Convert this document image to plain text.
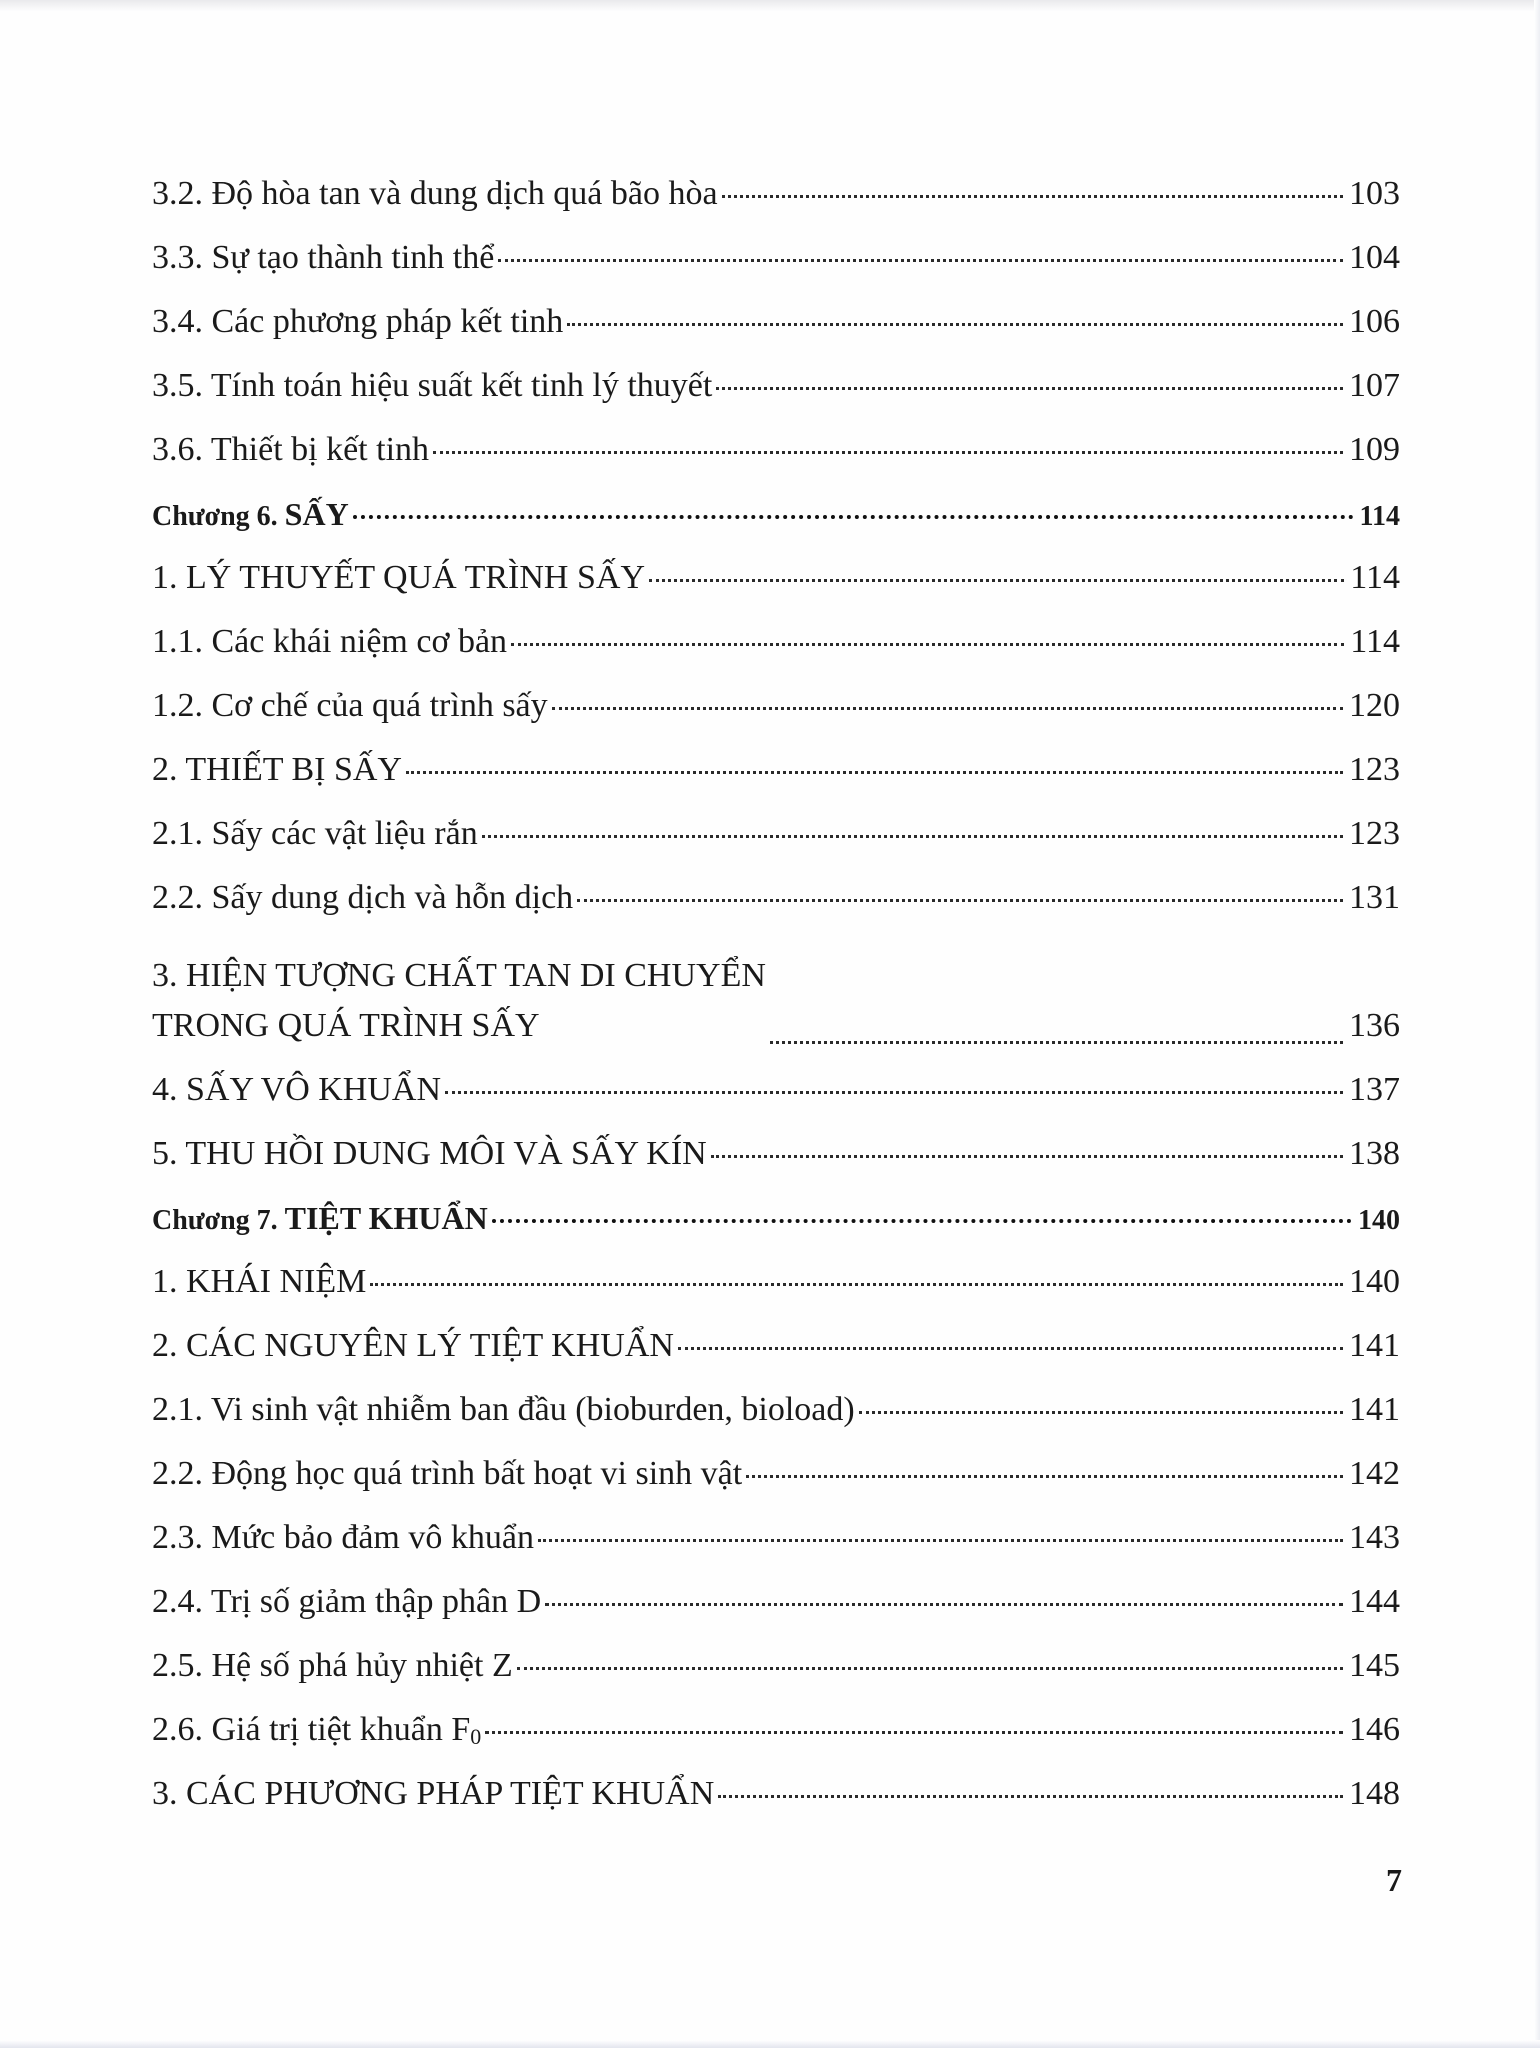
3.2. Độ hòa tan và dung dịch quá bão hòa	103
3.3. Sự tạo thành tinh thể	104
3.4. Các phương pháp kết tinh	106
3.5. Tính toán hiệu suất kết tinh lý thuyết	107
3.6. Thiết bị kết tinh	109
Chương 6. SẤY	114
1. LÝ THUYẾT QUÁ TRÌNH SẤY	114
1.1. Các khái niệm cơ bản	114
1.2. Cơ chế của quá trình sấy	120
2. THIẾT BỊ SẤY	123
2.1. Sấy các vật liệu rắn	123
2.2. Sấy dung dịch và hỗn dịch	131
3. HIỆN TƯỢNG CHẤT TAN DI CHUYỂN
TRONG QUÁ TRÌNH SẤY	136
4. SẤY VÔ KHUẨN	137
5. THU HỒI DUNG MÔI VÀ SẤY KÍN	138
Chương 7. TIỆT KHUẨN	140
1. KHÁI NIỆM	140
2. CÁC NGUYÊN LÝ TIỆT KHUẨN	141
2.1. Vi sinh vật nhiễm ban đầu (bioburden, bioload)	141
2.2. Động học quá trình bất hoạt vi sinh vật	142
2.3. Mức bảo đảm vô khuẩn	143
2.4. Trị số giảm thập phân D	144
2.5. Hệ số phá hủy nhiệt Z	145
2.6. Giá trị tiệt khuẩn $F_0$	146
3. CÁC PHƯƠNG PHÁP TIỆT KHUẨN	148
7
